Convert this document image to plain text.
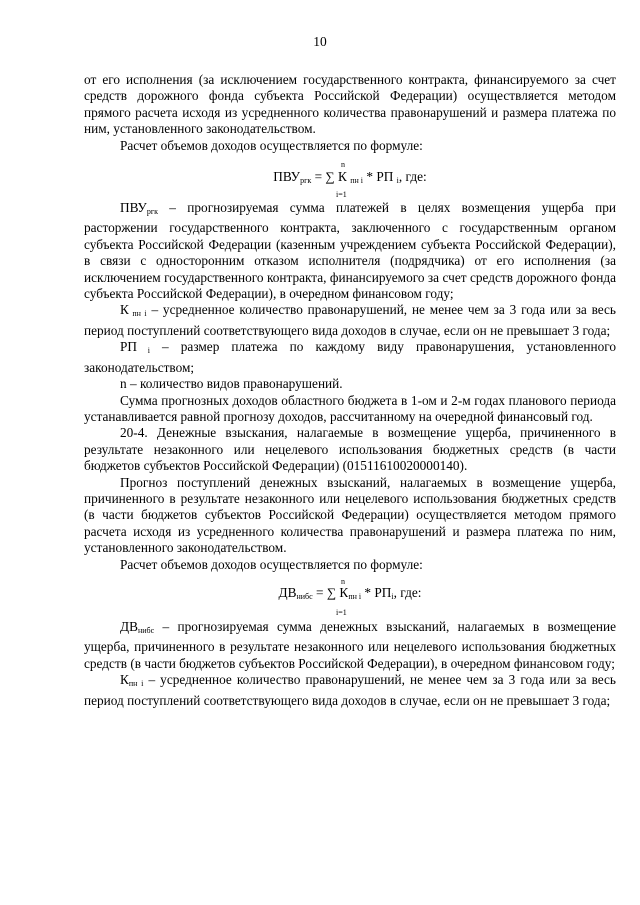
10

от его исполнения (за исключением государственного контракта, финансируемого за счет средств дорожного фонда субъекта Российской Федерации) осуществляется методом прямого расчета исходя из усредненного количества правонарушений и размера платежа по ним, установленного законодательством.

Расчет объемов доходов осуществляется по формуле:

n
$ПВУ_{ргк}$ = ∑ К $_{пн i}$ * РП $_i$, где:
i=1

$ПВУ_{ргк}$ – прогнозируемая сумма платежей в целях возмещения ущерба при расторжении государственного контракта, заключенного с государственным органом субъекта Российской Федерации (казенным учреждением субъекта Российской Федерации), в связи с односторонним отказом исполнителя (подрядчика) от его исполнения (за исключением государственного контракта, финансируемого за счет средств дорожного фонда субъекта Российской Федерации), в очередном финансовом году;

К $_{пн i}$ – усредненное количество правонарушений, не менее чем за 3 года или за весь период поступлений соответствующего вида доходов в случае, если он не превышает 3 года;

РП $_i$ – размер платежа по каждому виду правонарушения, установленного законодательством;

n – количество видов правонарушений.

Сумма прогнозных доходов областного бюджета в 1-ом и 2-м годах планового периода устанавливается равной прогнозу доходов, рассчитанному на очередной финансовый год.

20-4. Денежные взыскания, налагаемые в возмещение ущерба, причиненного в результате незаконного или нецелевого использования бюджетных средств (в части бюджетов субъектов Российской Федерации) (01511610020000140).

Прогноз поступлений денежных взысканий, налагаемых в возмещение ущерба, причиненного в результате незаконного или нецелевого использования бюджетных средств (в части бюджетов субъектов Российской Федерации) осуществляется методом прямого расчета исходя из усредненного количества правонарушений и размера платежа по ним, установленного законодательством.

Расчет объемов доходов осуществляется по формуле:

n
$ДВ_{нибс}$ = ∑ $К_{пн i} * РП_i$, где:
i=1

$ДВ_{нибс}$ – прогнозируемая сумма денежных взысканий, налагаемых в возмещение ущерба, причиненного в результате незаконного или нецелевого использования бюджетных средств (в части бюджетов субъектов Российской Федерации), в очередном финансовом году;

$К_{пн i}$ – усредненное количество правонарушений, не менее чем за 3 года или за весь период поступлений соответствующего вида доходов в случае, если он не превышает 3 года;
